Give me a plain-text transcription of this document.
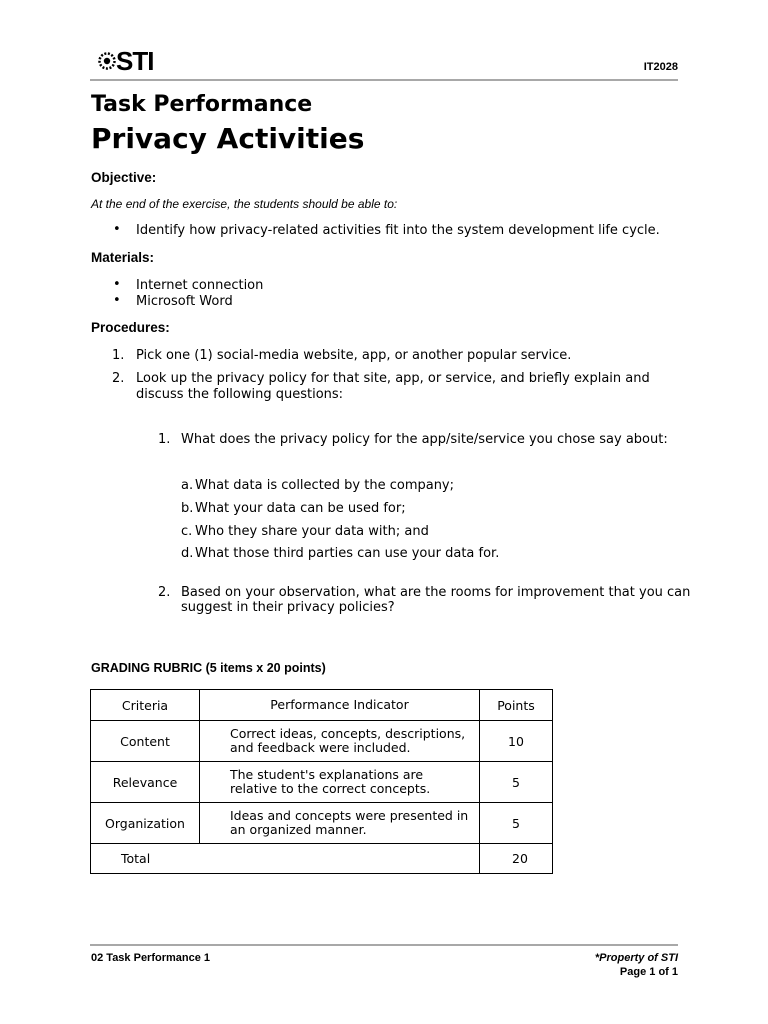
STI	IT2028
Task Performance
Privacy Activities
Objective:
At the end of the exercise, the students should be able to:
• Identify how privacy-related activities fit into the system development life cycle.
Materials:
• Internet connection
• Microsoft Word
Procedures:
1. Pick one (1) social-media website, app, or another popular service.
2. Look up the privacy policy for that site, app, or service, and briefly explain and
discuss the following questions:
1. What does the privacy policy for the app/site/service you chose say about:
a. What data is collected by the company;
b. What your data can be used for;
c. Who they share your data with; and
d. What those third parties can use your data for.
2. Based on your observation, what are the rooms for improvement that you can
suggest in their privacy policies?
GRADING RUBRIC (5 items x 20 points)
Criteria	Performance Indicator	Points
Content	Correct ideas, concepts, descriptions,
and feedback were included.	10
Relevance	The student's explanations are
relative to the correct concepts.	5
Organization	Ideas and concepts were presented in
an organized manner.	5
Total		20
02 Task Performance 1	*Property of STI
Page 1 of 1
